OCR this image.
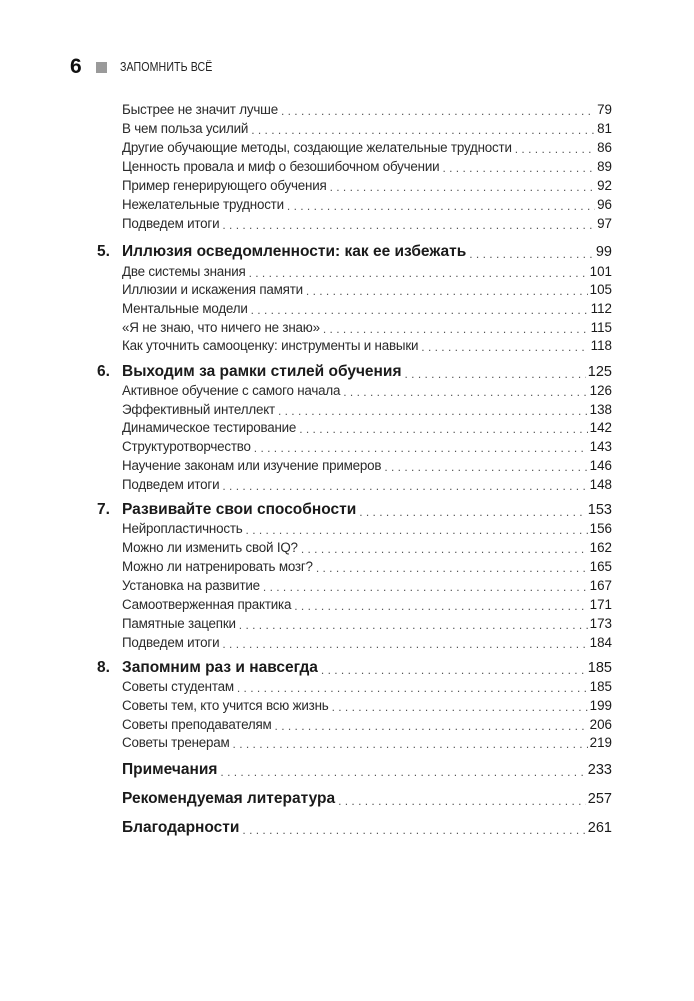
6	ЗАПОМНИТЬ ВСЁ
Быстрее не значит лучше . . .	79
В чем польза усилий . . .	81
Другие обучающие методы, создающие желательные трудности . . .	86
Ценность провала и миф о безошибочном обучении . . .	89
Пример генерирующего обучения . . .	92
Нежелательные трудности . . .	96
Подведем итоги . . .	97
5. Иллюзия осведомленности: как ее избежать . . .	99
Две системы знания . . .	101
Иллюзии и искажения памяти . . .	105
Ментальные модели . . .	112
«Я не знаю, что ничего не знаю» . . .	115
Как уточнить самооценку: инструменты и навыки . . .	118
6. Выходим за рамки стилей обучения . . .	125
Активное обучение с самого начала . . .	126
Эффективный интеллект . . .	138
Динамическое тестирование . . .	142
Структуротворчество . . .	143
Научение законам или изучение примеров . . .	146
Подведем итоги . . .	148
7. Развивайте свои способности . . .	153
Нейропластичность . . .	156
Можно ли изменить свой IQ? . . .	162
Можно ли натренировать мозг? . . .	165
Установка на развитие . . .	167
Самоотверженная практика . . .	171
Памятные зацепки . . .	173
Подведем итоги . . .	184
8. Запомним раз и навсегда . . .	185
Советы студентам . . .	185
Советы тем, кто учится всю жизнь . . .	199
Советы преподавателям . . .	206
Советы тренерам . . .	219
Примечания . . .	233
Рекомендуемая литература . . .	257
Благодарности . . .	261
